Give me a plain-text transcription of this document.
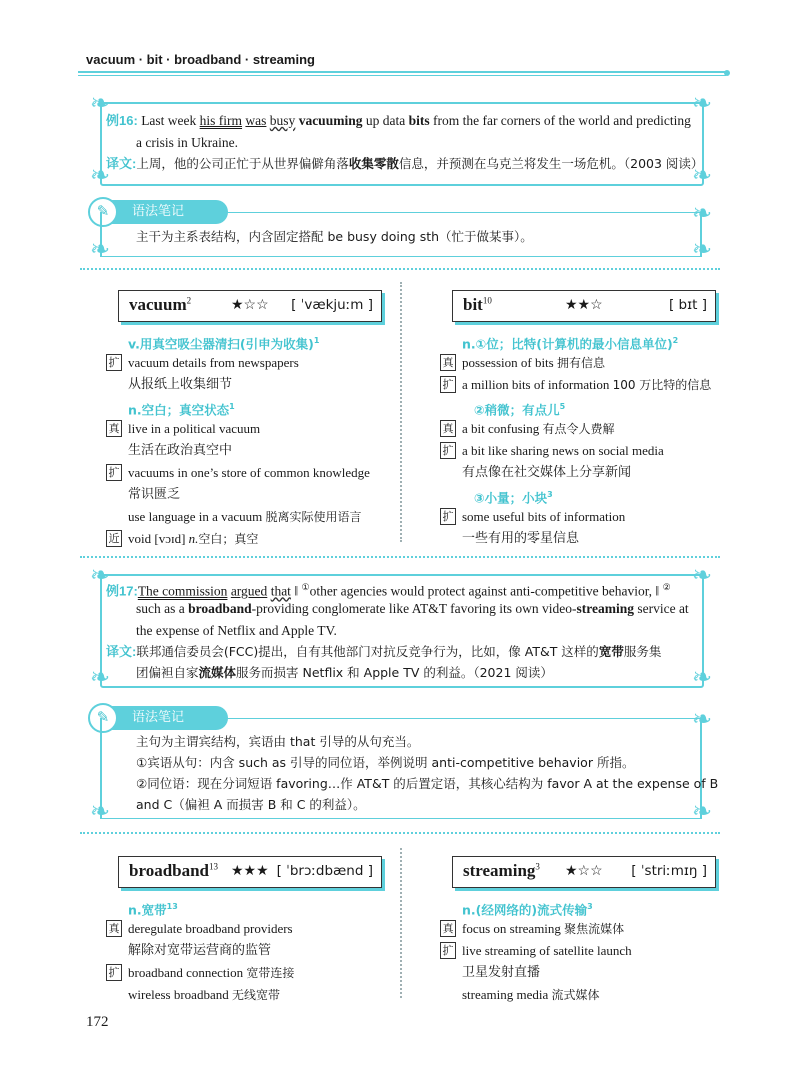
vacuum · bit · broadband · streaming
❧	❧
❧	❧
例16: Last week his firm was busy vacuuming up data bits from the far corners of the world and predicting
a crisis in Ukraine.
译文:上周，他的公司正忙于从世界偏僻角落收集零散信息，并预测在乌克兰将发生一场危机。（2003 阅读）
语法笔记
✎	❧
❧	❧
主干为主系表结构，内含固定搭配 be busy doing sth（忙于做某事）。
vacuum$^2$	★☆☆ [ ˈvækjuːm ]
v.用真空吸尘器清扫(引申为收集)$^1$
扩 vacuum details from newspapers
从报纸上收集细节
n.空白；真空状态$^1$
真 live in a political vacuum
生活在政治真空中
扩 vacuums in one’s store of common knowledge
常识匮乏
use language in a vacuum 脱离实际使用语言
近 void [vɔɪd] n.空白；真空
bit$^{10}$	★★☆	[ bɪt ]
n.①位；比特(计算机的最小信息单位)$^2$
真 possession of bits 拥有信息
扩 a million bits of information 100 万比特的信息
②稍微；有点儿$^5$
真 a bit confusing 有点令人费解
扩 a bit like sharing news on social media
有点像在社交媒体上分享新闻
③小量；小块$^3$
扩 some useful bits of information
一些有用的零星信息
❧	❧
❧	❧
例17:The commission argued that ‖ ①other agencies would protect against anti-competitive behavior, ‖ ②
such as a broadband-providing conglomerate like AT&T favoring its own video-streaming service at
the expense of Netflix and Apple TV.
译文:联邦通信委员会(FCC)提出，自有其他部门对抗反竞争行为，比如，像 AT&T 这样的宽带服务集
团偏袒自家流媒体服务而损害 Netflix 和 Apple TV 的利益。（2021 阅读）
语法笔记
✎	❧
❧	❧
主句为主谓宾结构，宾语由 that 引导的从句充当。
①宾语从句：内含 such as 引导的同位语，举例说明 anti-competitive behavior 所指。
②同位语：现在分词短语 favoring…作 AT&T 的后置定语，其核心结构为 favor A at the expense of B
and C（偏袒 A 而损害 B 和 C 的利益）。
broadband$^{13}$ ★★★ [ ˈbrɔːdbænd ]
n.宽带$^{13}$
真 deregulate broadband providers
解除对宽带运营商的监管
扩 broadband connection 宽带连接
wireless broadband 无线宽带
streaming$^3$ ★☆☆ [ ˈstriːmɪŋ ]
n.(经网络的)流式传输$^3$
真 focus on streaming 聚焦流媒体
扩 live streaming of satellite launch
卫星发射直播
streaming media 流式媒体
172
